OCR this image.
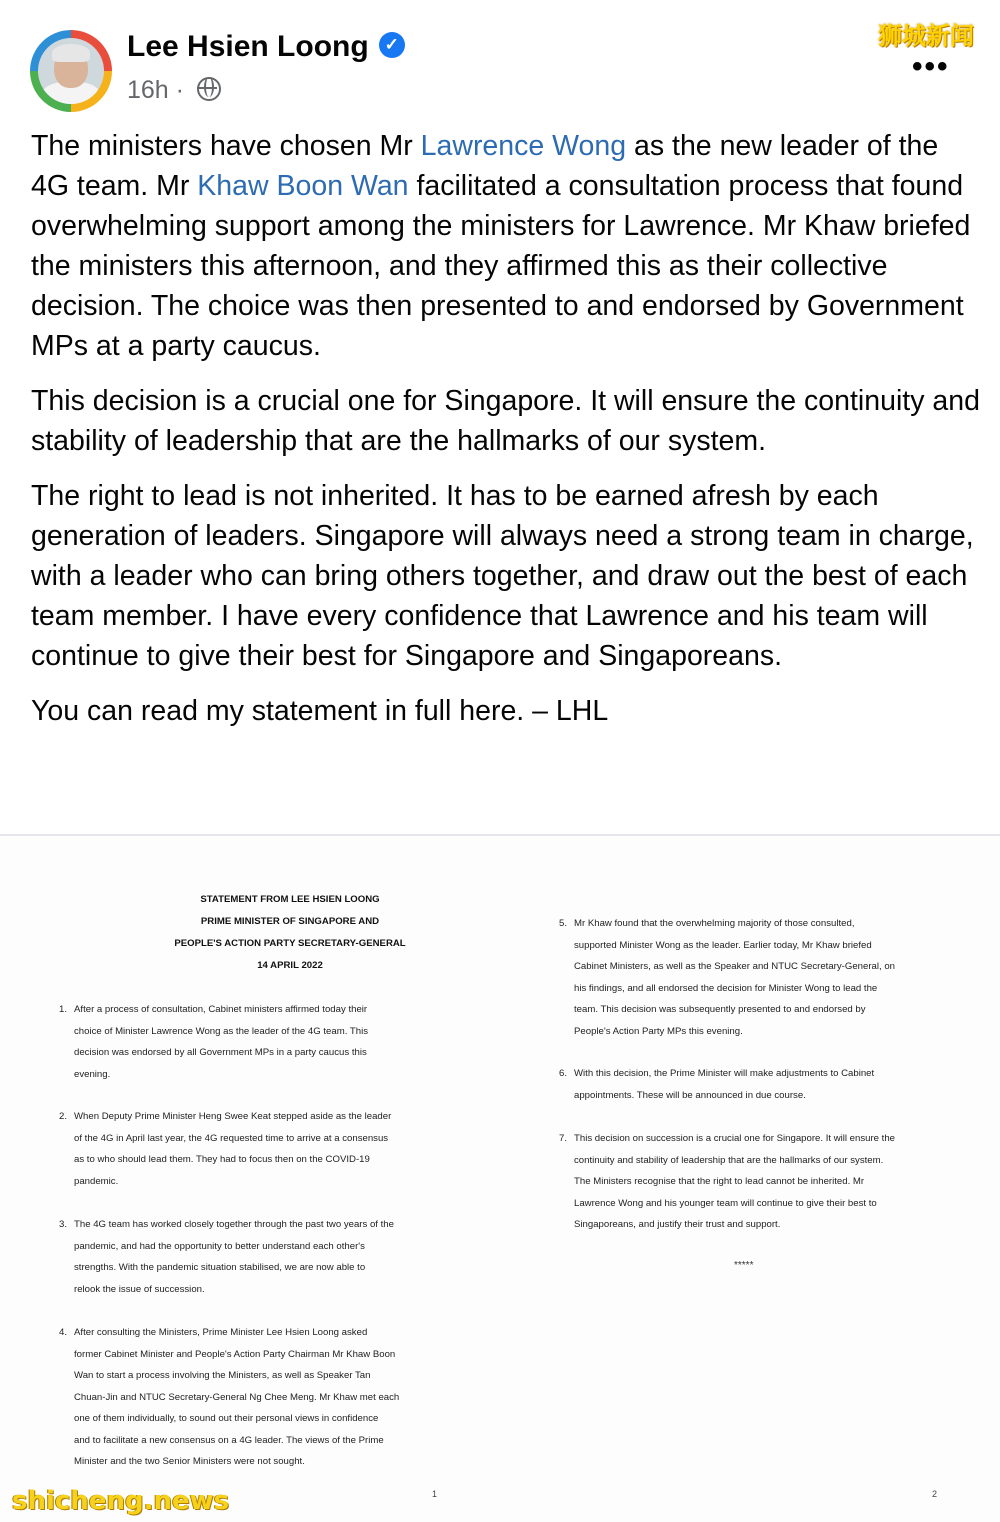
Lee Hsien Loong ✓
16h ·
•••
狮城新闻

The ministers have chosen Mr Lawrence Wong as the new leader of the 4G team. Mr Khaw Boon Wan facilitated a consultation process that found overwhelming support among the ministers for Lawrence. Mr Khaw briefed the ministers this afternoon, and they affirmed this as their collective decision. The choice was then presented to and endorsed by Government MPs at a party caucus.

This decision is a crucial one for Singapore. It will ensure the continuity and stability of leadership that are the hallmarks of our system.

The right to lead is not inherited. It has to be earned afresh by each generation of leaders. Singapore will always need a strong team in charge, with a leader who can bring others together, and draw out the best of each team member. I have every confidence that Lawrence and his team will continue to give their best for Singapore and Singaporeans.

You can read my statement in full here. – LHL

STATEMENT FROM LEE HSIEN LOONG
PRIME MINISTER OF SINGAPORE AND
PEOPLE'S ACTION PARTY SECRETARY-GENERAL
14 APRIL 2022
1. After a process of consultation, Cabinet ministers affirmed today their
choice of Minister Lawrence Wong as the leader of the 4G team. This
decision was endorsed by all Government MPs in a party caucus this
evening.
2. When Deputy Prime Minister Heng Swee Keat stepped aside as the leader
of the 4G in April last year, the 4G requested time to arrive at a consensus
as to who should lead them. They had to focus then on the COVID-19
pandemic.
3. The 4G team has worked closely together through the past two years of the
pandemic, and had the opportunity to better understand each other's
strengths. With the pandemic situation stabilised, we are now able to
relook the issue of succession.
4. After consulting the Ministers, Prime Minister Lee Hsien Loong asked
former Cabinet Minister and People's Action Party Chairman Mr Khaw Boon
Wan to start a process involving the Ministers, as well as Speaker Tan
Chuan-Jin and NTUC Secretary-General Ng Chee Meng. Mr Khaw met each
one of them individually, to sound out their personal views in confidence
and to facilitate a new consensus on a 4G leader. The views of the Prime
Minister and the two Senior Ministers were not sought.
5. Mr Khaw found that the overwhelming majority of those consulted,
supported Minister Wong as the leader. Earlier today, Mr Khaw briefed
Cabinet Ministers, as well as the Speaker and NTUC Secretary-General, on
his findings, and all endorsed the decision for Minister Wong to lead the
team. This decision was subsequently presented to and endorsed by
People's Action Party MPs this evening.
6. With this decision, the Prime Minister will make adjustments to Cabinet
appointments. These will be announced in due course.
7. This decision on succession is a crucial one for Singapore. It will ensure the
continuity and stability of leadership that are the hallmarks of our system.
The Ministers recognise that the right to lead cannot be inherited. Mr
Lawrence Wong and his younger team will continue to give their best to
Singaporeans, and justify their trust and support.
*****
1	2
shicheng.news
